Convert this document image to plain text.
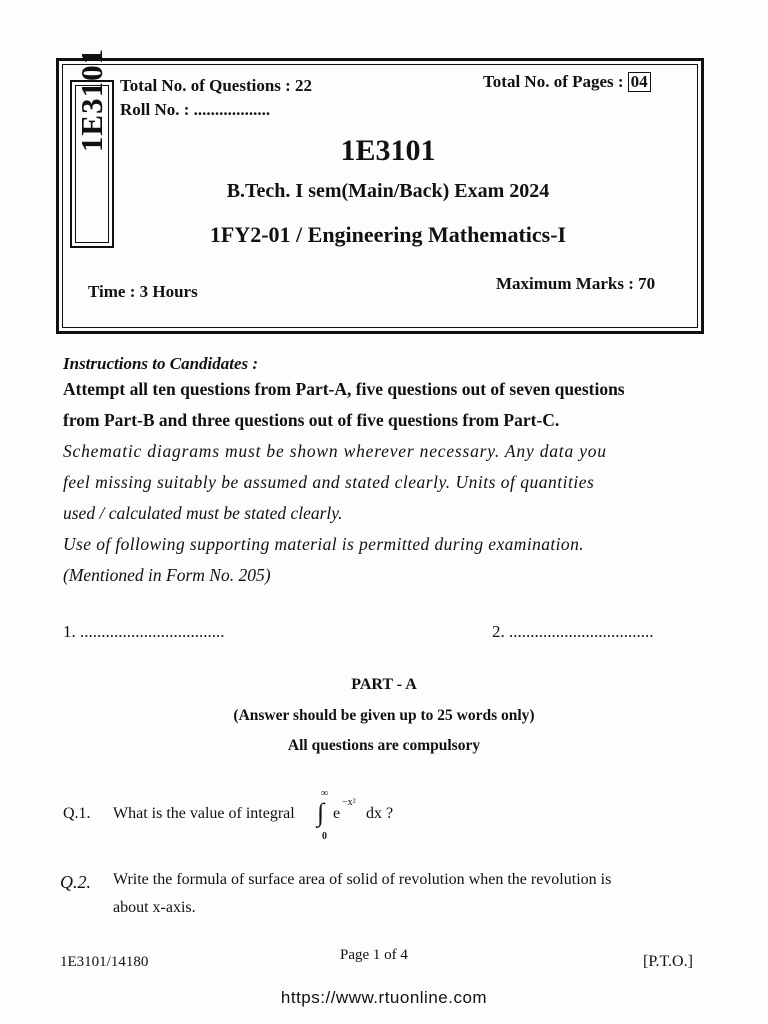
1E3101 Total No. of Questions : 22
Roll No. : ..................
Total No. of Pages : 04
1E3101
B.Tech. I sem(Main/Back) Exam 2024
1FY2-01 / Engineering Mathematics-I
Time : 3 Hours	Maximum Marks : 70
Instructions to Candidates :
Attempt all ten questions from Part-A, five questions out of seven questions
from Part-B and three questions out of five questions from Part-C.
Schematic diagrams must be shown wherever necessary. Any data you
feel missing suitably be assumed and stated clearly. Units of quantities
used / calculated must be stated clearly.
Use of following supporting material is permitted during examination.
(Mentioned in Form No. 205)
1. ..................................	2. ..................................
PART - A
(Answer should be given up to 25 words only)
All questions are compulsory
Q.1. What is the value of integral
∞
∫
0
e
−x²
dx ?
Q.2. Write the formula of surface area of solid of revolution when the revolution is
about x-axis.
1E3101/14180	Page 1 of 4	[P.T.O.]
https://www.rtuonline.com
